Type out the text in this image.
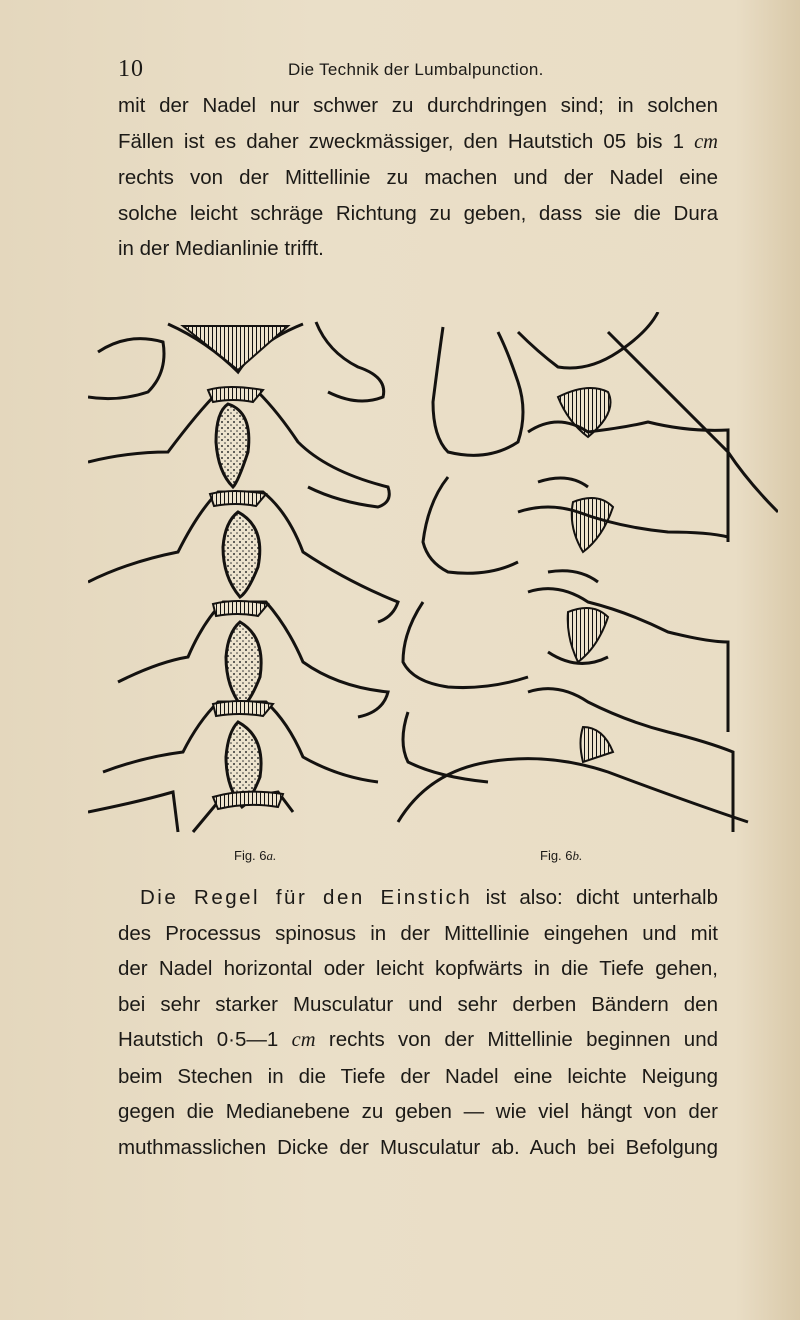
10	Die Technik der Lumbalpunction.
mit der Nadel nur schwer zu durchdringen sind; in solchen
Fällen ist es daher zweckmässiger, den Hautstich 05 bis 1 cm
rechts von der Mittellinie zu machen und der Nadel eine
solche leicht schräge Richtung zu geben, dass sie die Dura
in der Medianlinie trifft.
Fig. 6a.	Fig. 6b.
Die Regel für den Einstich ist also: dicht unterhalb
des Processus spinosus in der Mittellinie eingehen und mit
der Nadel horizontal oder leicht kopfwärts in die Tiefe gehen,
bei sehr starker Musculatur und sehr derben Bändern den
Hautstich 0·5—1 cm rechts von der Mittellinie beginnen und
beim Stechen in die Tiefe der Nadel eine leichte Neigung
gegen die Medianebene zu geben — wie viel hängt von der
muthmasslichen Dicke der Musculatur ab. Auch bei Befolgung
